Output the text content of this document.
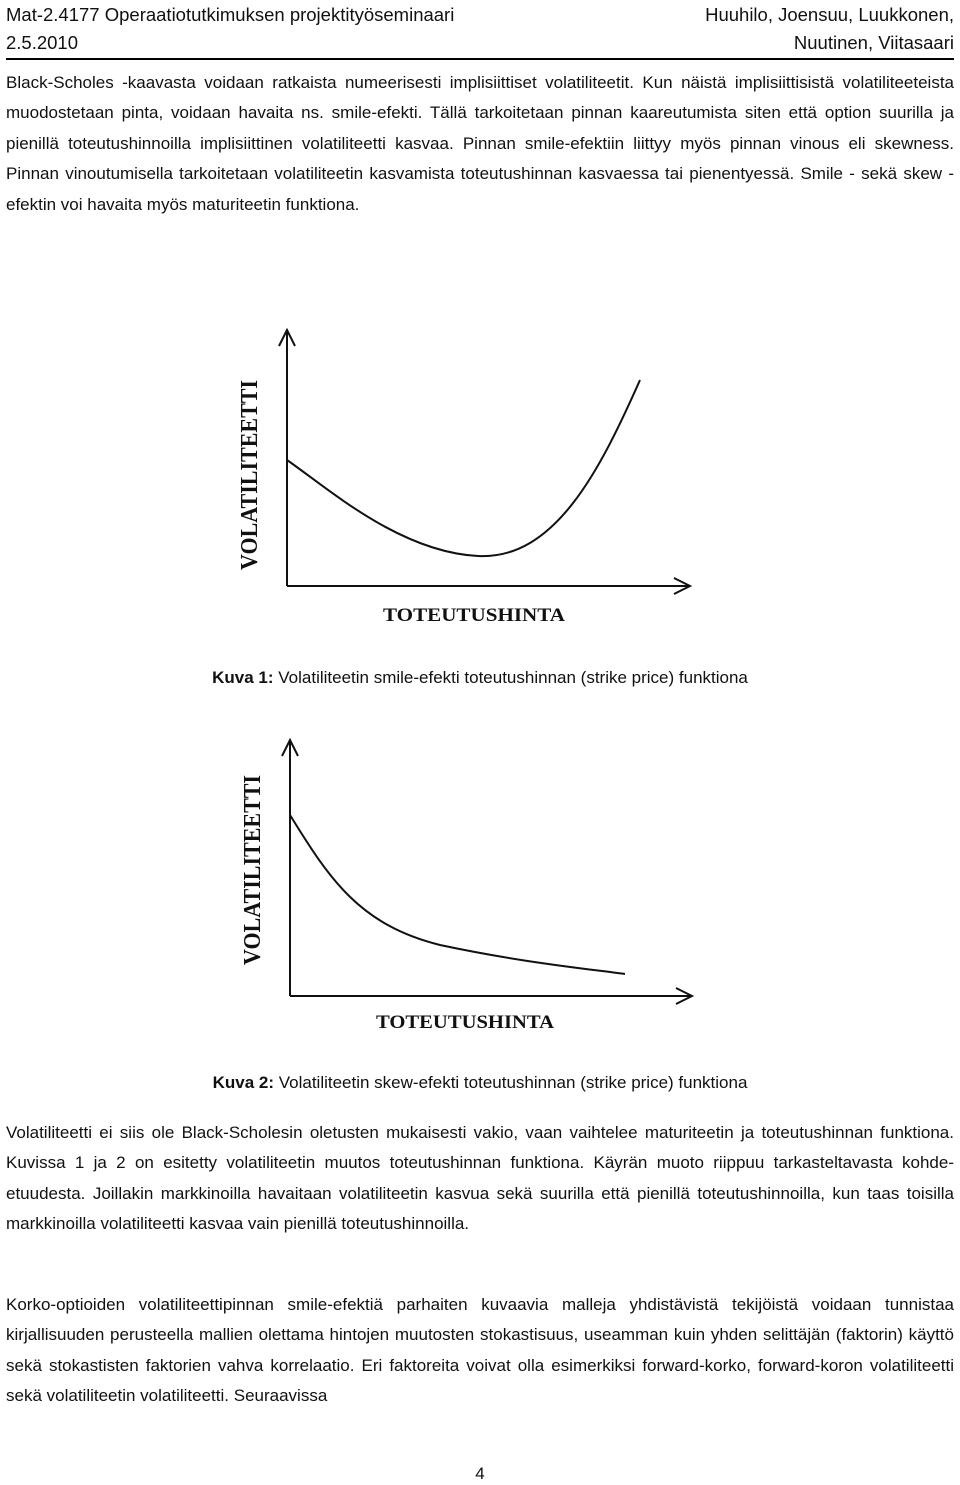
Mat-2.4177 Operaatiotutkimuksen projektityöseminaari
2.5.2010
Huuhilo, Joensuu, Luukkonen,
Nuutinen, Viitasaari

Black-Scholes -kaavasta voidaan ratkaista numeerisesti implisiittiset volatiliteetit. Kun näistä implisiittisistä volatiliteeteista muodostetaan pinta, voidaan havaita ns. smile-efekti. Tällä tarkoitetaan pinnan kaareutumista siten että option suurilla ja pienillä toteutushinnoilla implisiittinen volatiliteetti kasvaa. Pinnan smile-efektiin liittyy myös pinnan vinous eli skewness. Pinnan vinoutumisella tarkoitetaan volatiliteetin kasvamista toteutushinnan kasvaessa tai pienentyessä. Smile - sekä skew - efektin voi havaita myös maturiteetin funktiona.

VOLATILITEETTI
TOTEUTUSHINTA
Kuva 1: Volatiliteetin smile-efekti toteutushinnan (strike price) funktiona
VOLATILITEETTI
TOTEUTUSHINTA
Kuva 2: Volatiliteetin skew-efekti toteutushinnan (strike price) funktiona

Volatiliteetti ei siis ole Black-Scholesin oletusten mukaisesti vakio, vaan vaihtelee maturiteetin ja toteutushinnan funktiona. Kuvissa 1 ja 2 on esitetty volatiliteetin muutos toteutushinnan funktiona. Käyrän muoto riippuu tarkasteltavasta kohde-etuudesta. Joillakin markkinoilla havaitaan volatiliteetin kasvua sekä suurilla että pienillä toteutushinnoilla, kun taas toisilla markkinoilla volatiliteetti kasvaa vain pienillä toteutushinnoilla.

Korko-optioiden volatiliteettipinnan smile-efektiä parhaiten kuvaavia malleja yhdistävistä tekijöistä voidaan tunnistaa kirjallisuuden perusteella mallien olettama hintojen muutosten stokastisuus, useamman kuin yhden selittäjän (faktorin) käyttö sekä stokastisten faktorien vahva korrelaatio. Eri faktoreita voivat olla esimerkiksi forward-korko, forward-koron volatiliteetti sekä volatiliteetin volatiliteetti. Seuraavissa

4
